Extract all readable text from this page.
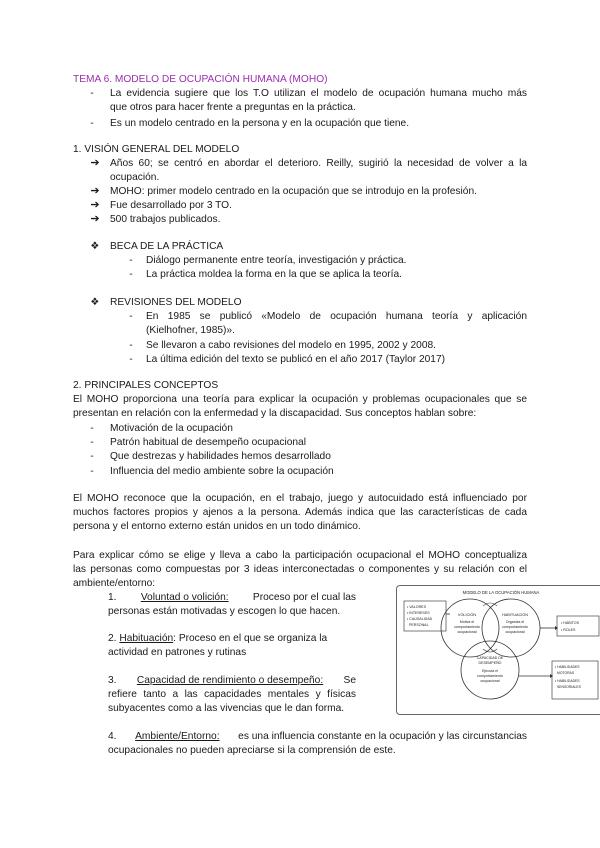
TEMA 6. MODELO DE OCUPACIÓN HUMANA (MOHO)
-	La evidencia sugiere que los T.O utilizan el modelo de ocupación humana mucho más
que otros para hacer frente a preguntas en la práctica.
-	Es un modelo centrado en la persona y en la ocupación que tiene.
1. VISIÓN GENERAL DEL MODELO
➔ Años 60; se centró en abordar el deterioro. Reilly, sugirió la necesidad de volver a la
ocupación.
➔ MOHO: primer modelo centrado en la ocupación que se introdujo en la profesión.
➔ Fue desarrollado por 3 TO.
➔ 500 trabajos publicados.
❖ BECA DE LA PRÁCTICA
-	Diálogo permanente entre teoría, investigación y práctica.
-	La práctica moldea la forma en la que se aplica la teoría.
❖ REVISIONES DEL MODELO
-	En 1985 se publicó «Modelo de ocupación humana teoría y aplicación
(Kielhofner, 1985)».
-	Se llevaron a cabo revisiones del modelo en 1995, 2002 y 2008.
-	La última edición del texto se publicó en el año 2017 (Taylor 2017)
2. PRINCIPALES CONCEPTOS
El MOHO proporciona una teoría para explicar la ocupación y problemas ocupacionales que se
presentan en relación con la enfermedad y la discapacidad. Sus conceptos hablan sobre:
-	Motivación de la ocupación
-	Patrón habitual de desempeño ocupacional
-	Que destrezas y habilidades hemos desarrollado
-	Influencia del medio ambiente sobre la ocupación
El MOHO reconoce que la ocupación, en el trabajo, juego y autocuidado está influenciado por
muchos factores propios y ajenos a la persona. Además indica que las características de cada
persona y el entorno externo están unidos en un todo dinámico.
Para explicar cómo se elige y lleva a cabo la participación ocupacional el MOHO conceptualiza
las personas como compuestas por 3 ideas interconectadas o componentes y su relación con el
ambiente/entorno:
1. Voluntad o volición: Proceso por el cual las
personas están motivadas y escogen lo que hacen.
2. Habituación: Proceso en el que se organiza la
actividad en patrones y rutinas
3. Capacidad de rendimiento o desempeño: Se
refiere tanto a las capacidades mentales y físicas
subyacentes como a las vivencias que le dan forma.
4. Ambiente/Entorno: es una influencia constante en la ocupación y las circunstancias
ocupacionales no pueden apreciarse si la comprensión de este.
MODELO DE LA OCUPACIÓN HUMANA
• VALORES
• INTERESES
• CAUSALIDAD
PERSONAL	• HÁBITOS
• ROLES
• HABILIDADES
MOTORAS
• HABILIDADES
SENSORIALES
VOLICIÓN
Motiva el
comportamiento
ocupacional
HABITUACIÓN
Organiza el
comportamiento
ocupacional
CAPACIDAD DE
DESEMPEÑO
Ejecuta el
comportamiento
ocupacional
